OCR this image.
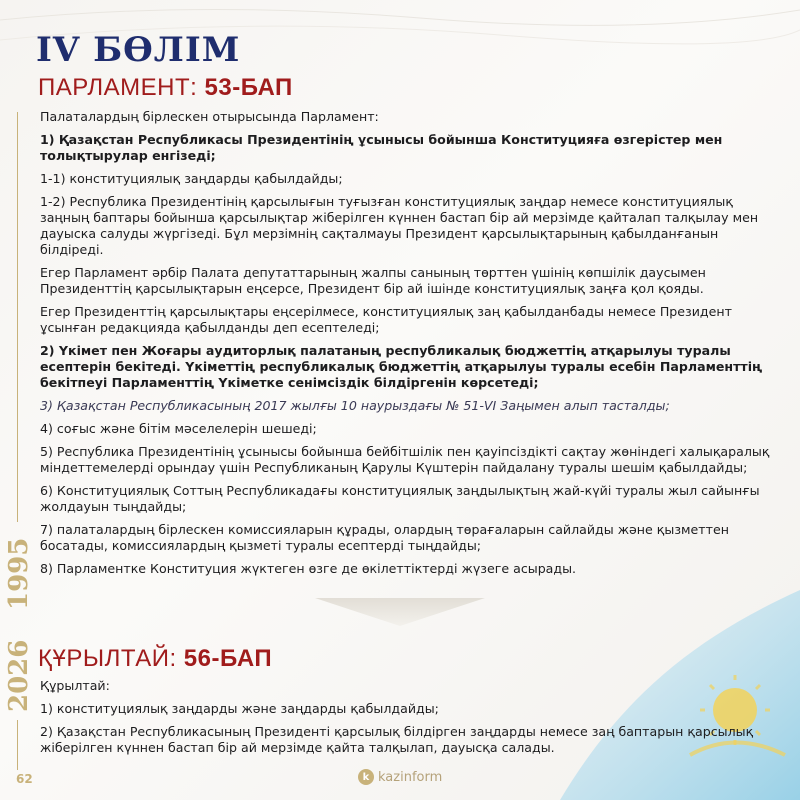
IV БӨЛІМ
ПАРЛАМЕНТ: 53-БАП
1995

Палаталардың бірлескен отырысында Парламент:

1) Қазақстан Республикасы Президентінің ұсынысы бойынша Конституцияға өзгерістер мен толықтырулар енгізеді;

1-1) конституциялық заңдарды қабылдайды;

1-2) Республика Президентінің қарсылығын туғызған конституциялық заңдар немесе конституциялық заңның баптары бойынша қарсылықтар жіберілген күннен бастап бір ай мерзімде қайталап талқылау мен дауыска салуды жүргізеді. Бұл мерзімнің сақталмауы Президент қарсылықтарының қабылданғанын білдіреді.

Егер Парламент әрбір Палата депутаттарының жалпы санының төрттен үшінің көпшілік даусымен Президенттің қарсылықтарын еңсерсе, Президент бір ай ішінде конституциялық заңға қол қояды.

Егер Президенттің қарсылықтары еңсерілмесе, конституциялық заң қабылданбады немесе Президент ұсынған редакцияда қабылданды деп есептеледі;

2) Үкімет пен Жоғары аудиторлық палатаның республикалық бюджеттің атқарылуы туралы есептерін бекітеді. Үкіметтің республикалық бюджеттің атқарылуы туралы есебін Парламенттің бекітпеуі Парламенттің Үкіметке сенімсіздік білдіргенін көрсетеді;

3) Қазақстан Республикасының 2017 жылғы 10 наурыздағы № 51-VI Заңымен алып тасталды;

4) соғыс және бітім мәселелерін шешеді;

5) Республика Президентінің ұсынысы бойынша бейбітшілік пен қауіпсіздікті сақтау жөніндегі халықаралық міндеттемелерді орындау үшін Республиканың Қарулы Күштерін пайдалану туралы шешім қабылдайды;

6) Конституциялық Соттың Республикадағы конституциялық заңдылықтың жай-күйі туралы жыл сайынғы жолдауын тыңдайды;

7) палаталардың бірлескен комиссияларын құрады, олардың төрағаларын сайлайды және қызметтен босатады, комиссиялардың қызметі туралы есептерді тыңдайды;

8) Парламентке Конституция жүктеген өзге де өкілеттіктерді жүзеге асырады.

2026 ҚҰРЫЛТАЙ: 56-БАП

Құрылтай:

1) конституциялық заңдарды және заңдарды қабылдайды;

2) Қазақстан Республикасының Президенті қарсылық білдірген заңдарды немесе заң баптарын қарсылық жіберілген күннен бастап бір ай мерзімде қайта талқылап, дауысқа салады.

62	k kazinform
